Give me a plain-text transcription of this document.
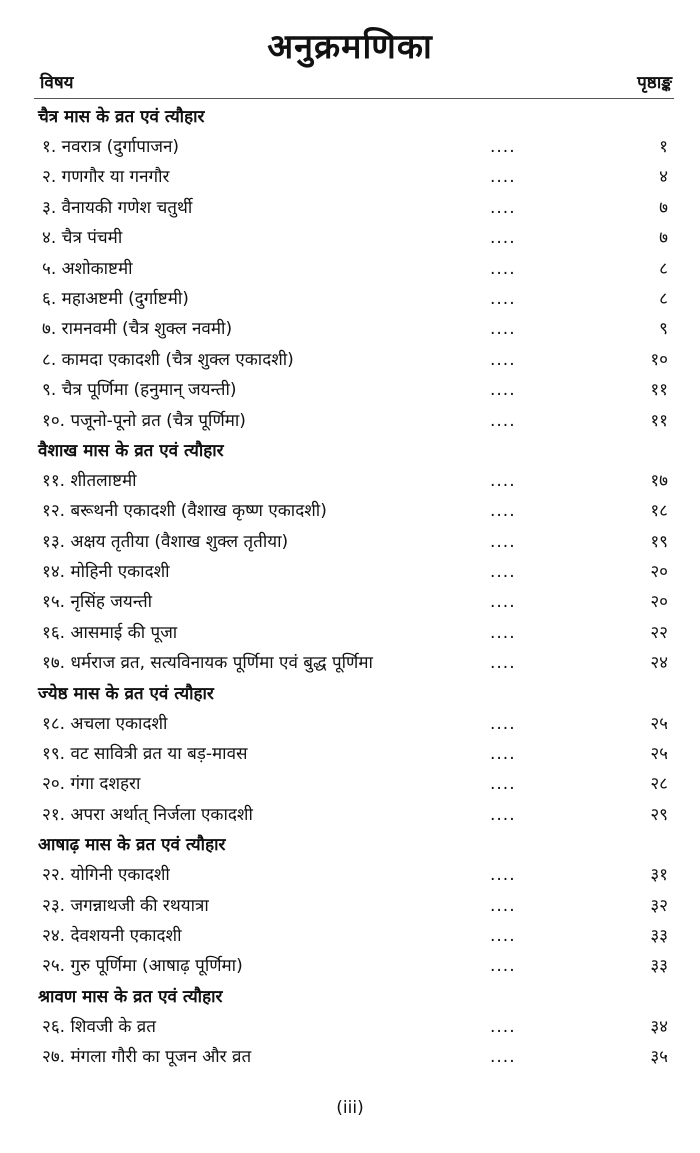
अनुक्रमणिका
विषय	पृष्ठाङ्क
चैत्र मास के व्रत एवं त्यौहार
१. नवरात्र (दुर्गापाजन)	....	१
२. गणगौर या गनगौर	....	४
३. वैनायकी गणेश चतुर्थी	....	७
४. चैत्र पंचमी	....	७
५. अशोकाष्टमी	....	८
६. महाअष्टमी (दुर्गाष्टमी)	....	८
७. रामनवमी (चैत्र शुक्ल नवमी)	....	९
८. कामदा एकादशी (चैत्र शुक्ल एकादशी)	....	१०
९. चैत्र पूर्णिमा (हनुमान् जयन्ती)	....	११
१०. पजूनो-पूनो व्रत (चैत्र पूर्णिमा)	....	११
वैशाख मास के व्रत एवं त्यौहार
११. शीतलाष्टमी	....	१७
१२. बरूथनी एकादशी (वैशाख कृष्ण एकादशी)	....	१८
१३. अक्षय तृतीया (वैशाख शुक्ल तृतीया)	....	१९
१४. मोहिनी एकादशी	....	२०
१५. नृसिंह जयन्ती	....	२०
१६. आसमाई की पूजा	....	२२
१७. धर्मराज व्रत, सत्यविनायक पूर्णिमा एवं बुद्ध पूर्णिमा	....	२४
ज्येष्ठ मास के व्रत एवं त्यौहार
१८. अचला एकादशी	....	२५
१९. वट सावित्री व्रत या बड़-मावस	....	२५
२०. गंगा दशहरा	....	२८
२१. अपरा अर्थात् निर्जला एकादशी	....	२९
आषाढ़ मास के व्रत एवं त्यौहार
२२. योगिनी एकादशी	....	३१
२३. जगन्नाथजी की रथयात्रा	....	३२
२४. देवशयनी एकादशी	....	३३
२५. गुरु पूर्णिमा (आषाढ़ पूर्णिमा)	....	३३
श्रावण मास के व्रत एवं त्यौहार
२६. शिवजी के व्रत	....	३४
२७. मंगला गौरी का पूजन और व्रत	....	३५
(iii)
